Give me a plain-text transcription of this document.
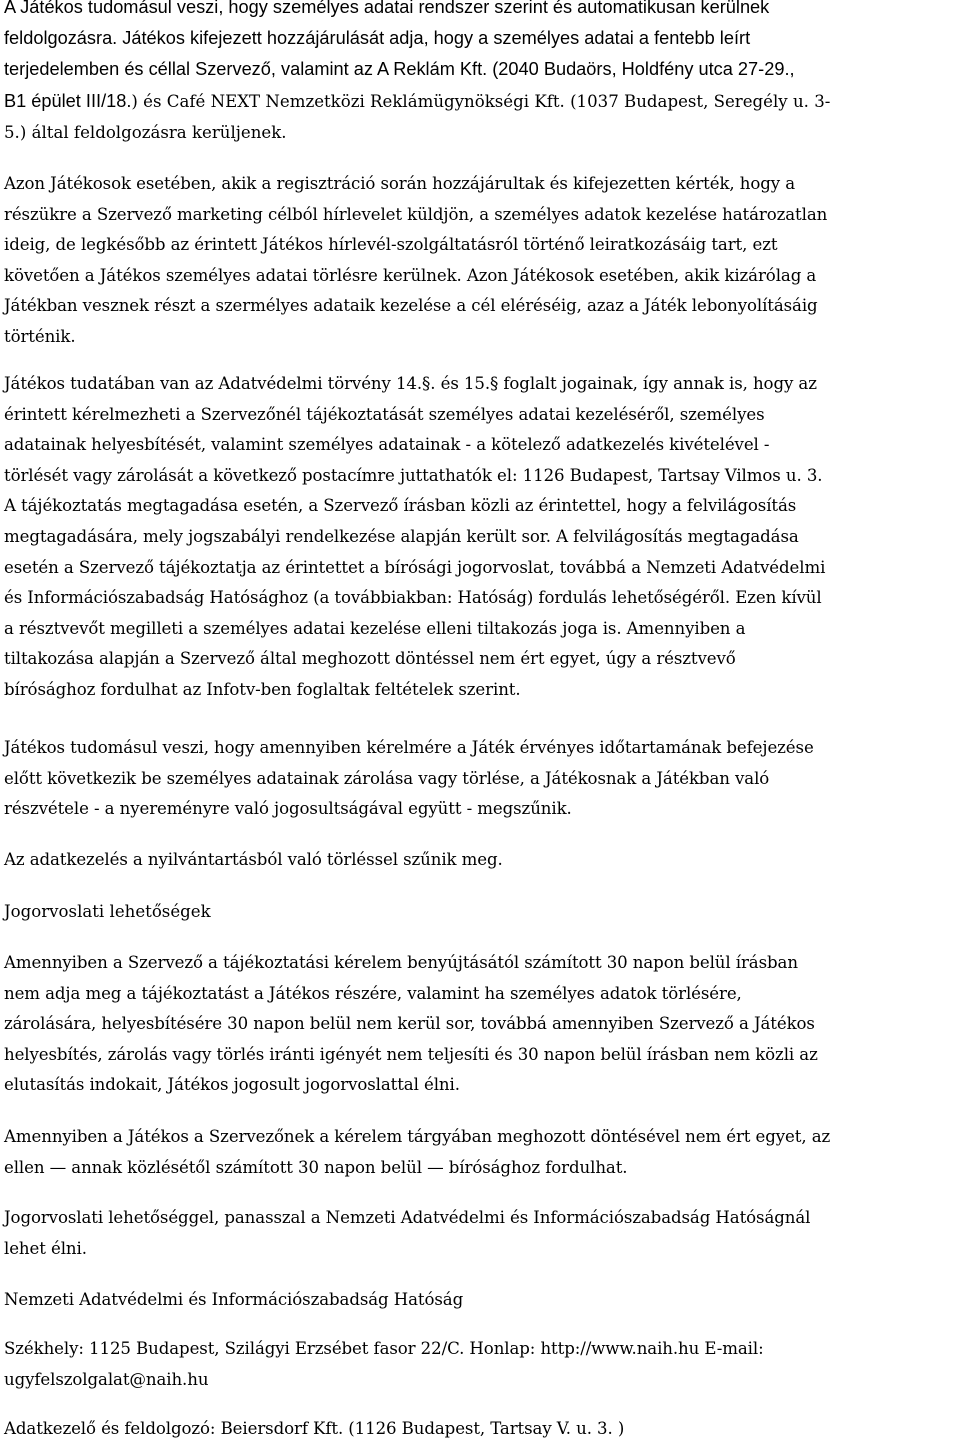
A Játékos tudomásul veszi, hogy személyes adatai rendszer szerint és automatikusan kerülnek
feldolgozásra. Játékos kifejezett hozzájárulását adja, hogy a személyes adatai a fentebb leírt
terjedelemben és céllal Szervező, valamint az A Reklám Kft. (2040 Budaörs, Holdfény utca 27-29.,
B1 épület III/18.) és Café NEXT Nemzetközi Reklámügynökségi Kft. (1037 Budapest, Seregély u. 3-
5.) által feldolgozásra kerüljenek.
Azon Játékosok esetében, akik a regisztráció során hozzájárultak és kifejezetten kérték, hogy a
részükre a Szervező marketing célból hírlevelet küldjön, a személyes adatok kezelése határozatlan
ideig, de legkésőbb az érintett Játékos hírlevél-szolgáltatásról történő leiratkozásáig tart, ezt
követően a Játékos személyes adatai törlésre kerülnek. Azon Játékosok esetében, akik kizárólag a
Játékban vesznek részt a szermélyes adataik kezelése a cél eléréséig, azaz a Játék lebonyolításáig
történik.
Játékos tudatában van az Adatvédelmi törvény 14.§. és 15.§ foglalt jogainak, így annak is, hogy az
érintett kérelmezheti a Szervezőnél tájékoztatását személyes adatai kezeléséről, személyes
adatainak helyesbítését, valamint személyes adatainak - a kötelező adatkezelés kivételével -
törlését vagy zárolását a következő postacímre juttathatók el: 1126 Budapest, Tartsay Vilmos u. 3.
A tájékoztatás megtagadása esetén, a Szervező írásban közli az érintettel, hogy a felvilágosítás
megtagadására, mely jogszabályi rendelkezése alapján került sor. A felvilágosítás megtagadása
esetén a Szervező tájékoztatja az érintettet a bírósági jogorvoslat, továbbá a Nemzeti Adatvédelmi
és Információszabadság Hatósághoz (a továbbiakban: Hatóság) fordulás lehetőségéről. Ezen kívül
a résztvevőt megilleti a személyes adatai kezelése elleni tiltakozás joga is. Amennyiben a
tiltakozása alapján a Szervező által meghozott döntéssel nem ért egyet, úgy a résztvevő
bírósághoz fordulhat az Infotv-ben foglaltak feltételek szerint.
Játékos tudomásul veszi, hogy amennyiben kérelmére a Játék érvényes időtartamának befejezése
előtt következik be személyes adatainak zárolása vagy törlése, a Játékosnak a Játékban való
részvétele - a nyereményre való jogosultságával együtt - megszűnik.
Az adatkezelés a nyilvántartásból való törléssel szűnik meg.
Jogorvoslati lehetőségek
Amennyiben a Szervező a tájékoztatási kérelem benyújtásától számított 30 napon belül írásban
nem adja meg a tájékoztatást a Játékos részére, valamint ha személyes adatok törlésére,
zárolására, helyesbítésére 30 napon belül nem kerül sor, továbbá amennyiben Szervező a Játékos
helyesbítés, zárolás vagy törlés iránti igényét nem teljesíti és 30 napon belül írásban nem közli az
elutasítás indokait, Játékos jogosult jogorvoslattal élni.
Amennyiben a Játékos a Szervezőnek a kérelem tárgyában meghozott döntésével nem ért egyet, az
ellen — annak közlésétől számított 30 napon belül — bírósághoz fordulhat.
Jogorvoslati lehetőséggel, panasszal a Nemzeti Adatvédelmi és Információszabadság Hatóságnál
lehet élni.
Nemzeti Adatvédelmi és Információszabadság Hatóság
Székhely: 1125 Budapest, Szilágyi Erzsébet fasor 22/C. Honlap: http://www.naih.hu E-mail:
ugyfelszolgalat@naih.hu
Adatkezelő és feldolgozó: Beiersdorf Kft. (1126 Budapest, Tartsay V. u. 3. )
